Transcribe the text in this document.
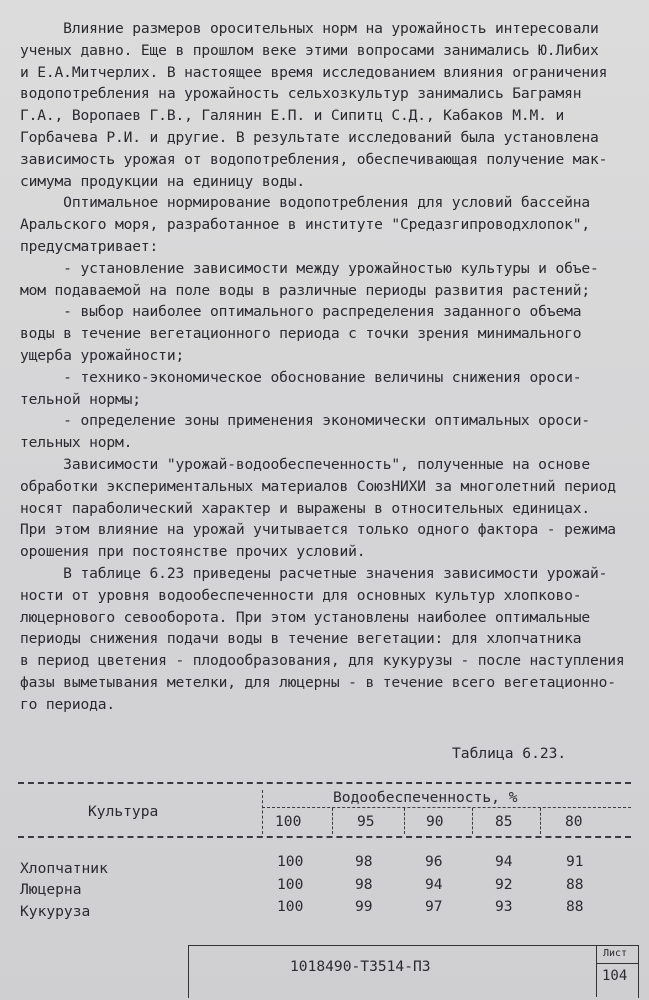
Влияние размеров оросительных норм на урожайность интересовали
ученых давно. Еще в прошлом веке этими вопросами занимались Ю.Либих
и Е.А.Митчерлих. В настоящее время исследованием влияния ограничения
водопотребления на урожайность сельхозкультур занимались Баграмян
Г.А., Воропаев Г.В., Галянин Е.П. и Сипитц С.Д., Кабаков М.М. и
Горбачева Р.И. и другие. В результате исследований была установлена
зависимость урожая от водопотребления, обеспечивающая получение мак-
симума продукции на единицу воды.
Оптимальное нормирование водопотребления для условий бассейна
Аральского моря, разработанное в институте "Средазгипроводхлопок",
предусматривает:
- установление зависимости между урожайностью культуры и объе-
мом подаваемой на поле воды в различные периоды развития растений;
- выбор наиболее оптимального распределения заданного объема
воды в течение вегетационного периода с точки зрения минимального
ущерба урожайности;
- технико-экономическое обоснование величины снижения ороси-
тельной нормы;
- определение зоны применения экономически оптимальных ороси-
тельных норм.
Зависимости "урожай-водообеспеченность", полученные на основе
обработки экспериментальных материалов СоюзНИХИ за многолетний период
носят параболический характер и выражены в относительных единицах.
При этом влияние на урожай учитывается только одного фактора - режима
орошения при постоянстве прочих условий.
В таблице 6.23 приведены расчетные значения зависимости урожай-
ности от уровня водообеспеченности для основных культур хлопково-
люцернового севооборота. При этом установлены наиболее оптимальные
периоды снижения подачи воды в течение вегетации: для хлопчатника
в период цветения - плодообразования, для кукурузы - после наступления
фазы выметывания метелки, для люцерны - в течение всего вегетационно-
го периода.
Таблица 6.23.
Культура
Водообеспеченность, %
100	95	90	85	80
Хлопчатник	100	98	96	94	91
Люцерна	100	98	94	92	88
Кукуруза	100	99	97	93	88
1018490-Т3514-ПЗ
Лист
104
